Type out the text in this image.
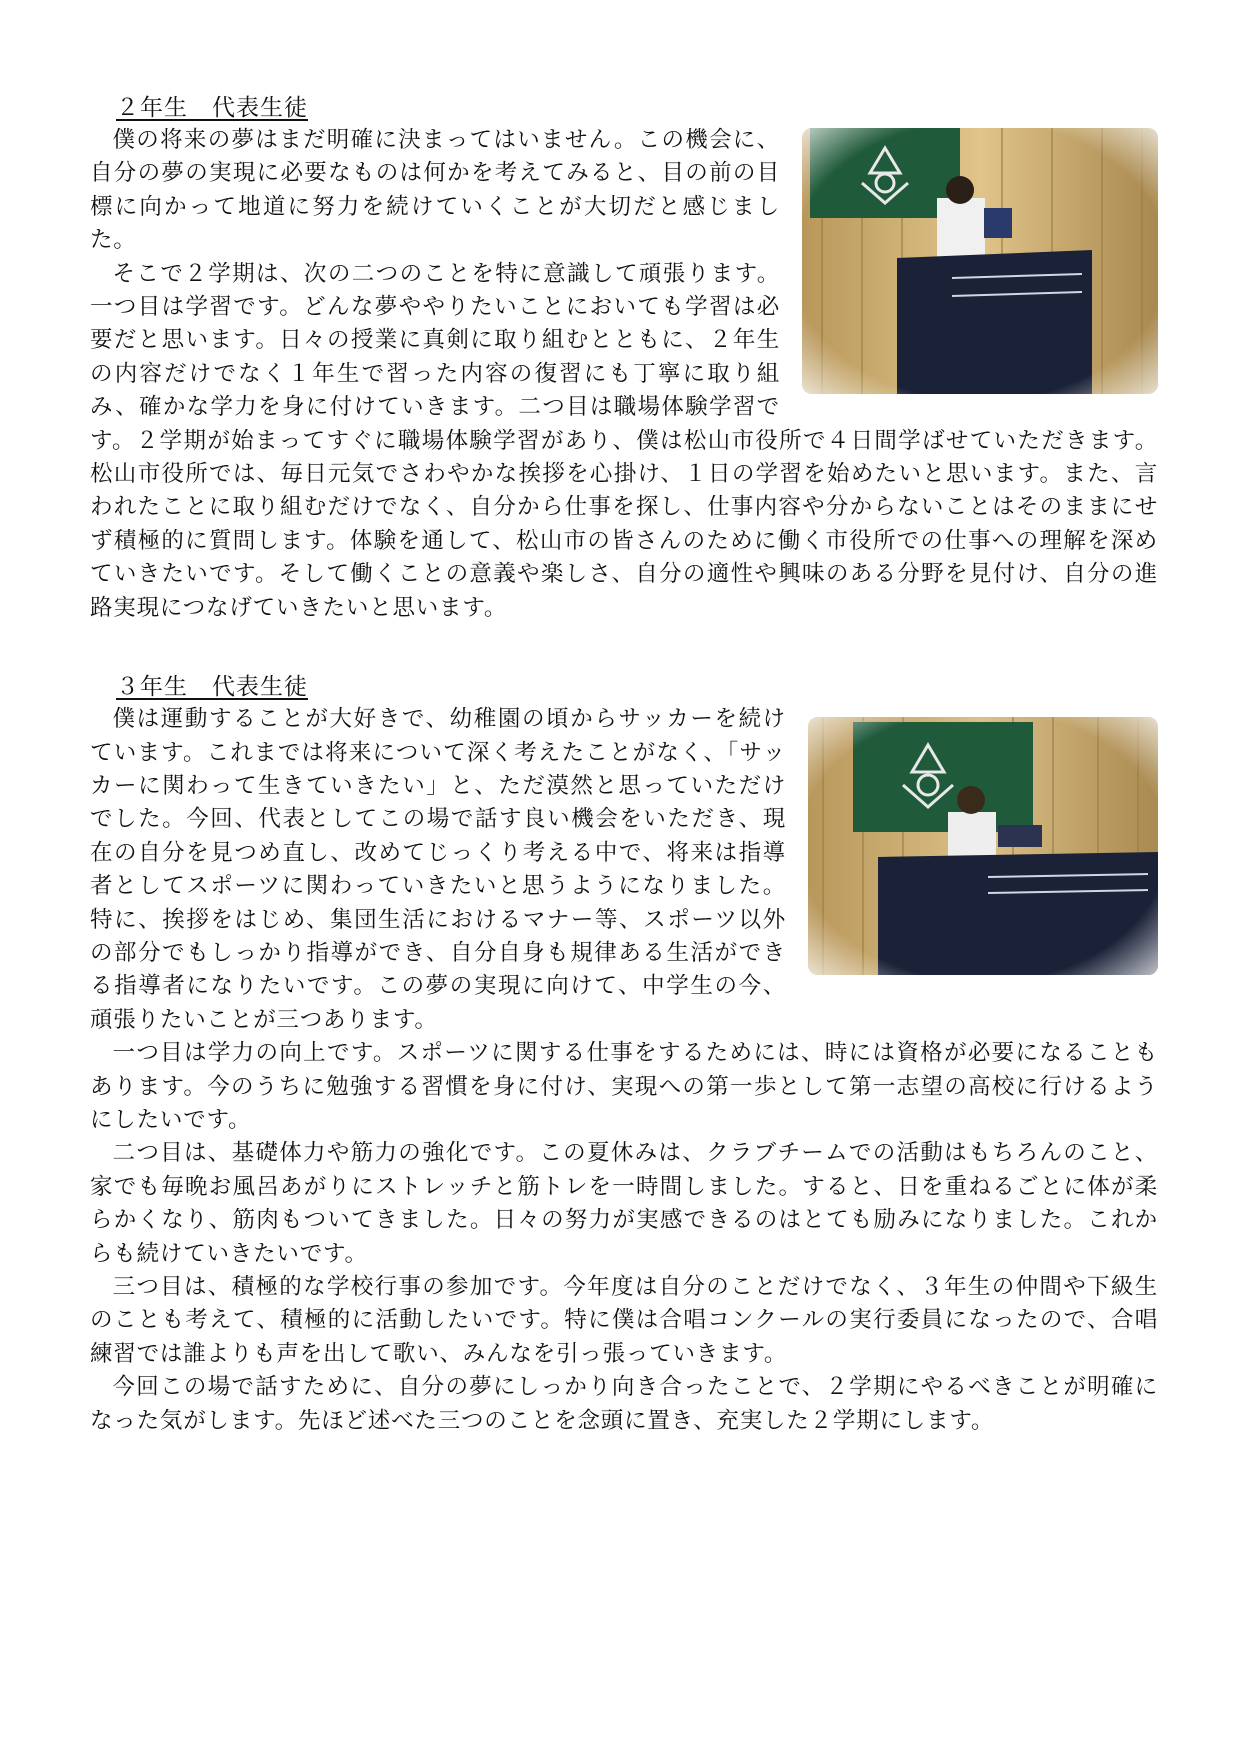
２年生　代表生徒

僕の将来の夢はまだ明確に決まってはいません。この機会に、自分の夢の実現に必要なものは何かを考えてみると、目の前の目標に向かって地道に努力を続けていくことが大切だと感じました。

そこで２学期は、次の二つのことを特に意識して頑張ります。一つ目は学習です。どんな夢ややりたいことにおいても学習は必要だと思います。日々の授業に真剣に取り組むとともに、２年生の内容だけでなく１年生で習った内容の復習にも丁寧に取り組み、確かな学力を身に付けていきます。二つ目は職場体験学習です。２学期が始まってすぐに職場体験学習があり、僕は松山市役所で４日間学ばせていただきます。松山市役所では、毎日元気でさわやかな挨拶を心掛け、１日の学習を始めたいと思います。また、言われたことに取り組むだけでなく、自分から仕事を探し、仕事内容や分からないことはそのままにせず積極的に質問します。体験を通して、松山市の皆さんのために働く市役所での仕事への理解を深めていきたいです。そして働くことの意義や楽しさ、自分の適性や興味のある分野を見付け、自分の進路実現につなげていきたいと思います。

３年生　代表生徒

僕は運動することが大好きで、幼稚園の頃からサッカーを続けています。これまでは将来について深く考えたことがなく、「サッカーに関わって生きていきたい」と、ただ漠然と思っていただけでした。今回、代表としてこの場で話す良い機会をいただき、現在の自分を見つめ直し、改めてじっくり考える中で、将来は指導者としてスポーツに関わっていきたいと思うようになりました。特に、挨拶をはじめ、集団生活におけるマナー等、スポーツ以外の部分でもしっかり指導ができ、自分自身も規律ある生活ができる指導者になりたいです。この夢の実現に向けて、中学生の今、頑張りたいことが三つあります。

一つ目は学力の向上です。スポーツに関する仕事をするためには、時には資格が必要になることもあります。今のうちに勉強する習慣を身に付け、実現への第一歩として第一志望の高校に行けるようにしたいです。

二つ目は、基礎体力や筋力の強化です。この夏休みは、クラブチームでの活動はもちろんのこと、家でも毎晩お風呂あがりにストレッチと筋トレを一時間しました。すると、日を重ねるごとに体が柔らかくなり、筋肉もついてきました。日々の努力が実感できるのはとても励みになりました。これからも続けていきたいです。

三つ目は、積極的な学校行事の参加です。今年度は自分のことだけでなく、３年生の仲間や下級生のことも考えて、積極的に活動したいです。特に僕は合唱コンクールの実行委員になったので、合唱練習では誰よりも声を出して歌い、みんなを引っ張っていきます。

今回この場で話すために、自分の夢にしっかり向き合ったことで、２学期にやるべきことが明確になった気がします。先ほど述べた三つのことを念頭に置き、充実した２学期にします。
